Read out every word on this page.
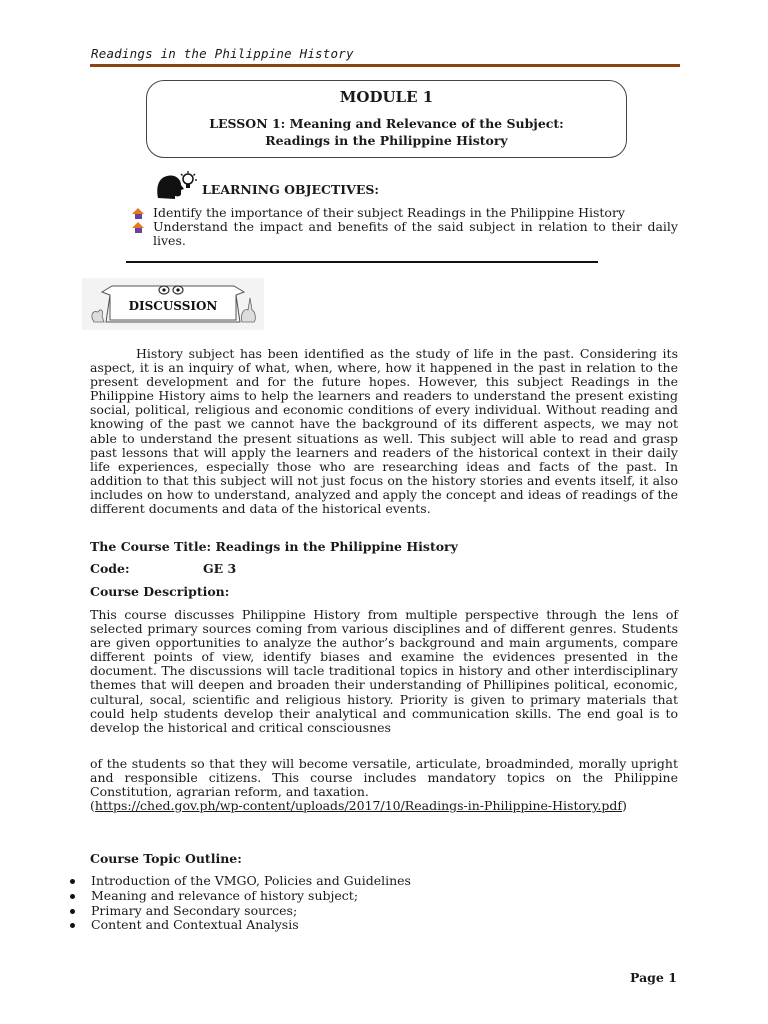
Readings in the Philippine History
MODULE 1
LESSON 1: Meaning and Relevance of the Subject:
Readings in the Philippine History
LEARNING OBJECTIVES:
Identify the importance of their subject Readings in the Philippine History
Understand the impact and benefits of the said subject in relation to their daily lives.
DISCUSSION

History subject has been identified as the study of life in the past. Considering its aspect, it is an inquiry of what, when, where, how it happened in the past in relation to the present development and for the future hopes. However, this subject Readings in the Philippine History aims to help the learners and readers to understand the present existing social, political, religious and economic conditions of every individual. Without reading and knowing of the past we cannot have the background of its different aspects, we may not able to understand the present situations as well. This subject will able to read and grasp past lessons that will apply the learners and readers of the historical context in their daily life experiences, especially those who are researching ideas and facts of the past. In addition to that this subject will not just focus on the history stories and events itself, it also includes on how to understand, analyzed and apply the concept and ideas of readings of the different documents and data of the historical events.

The Course Title: Readings in the Philippine History
Code:	GE 3
Course Description:

This course discusses Philippine History from multiple perspective through the lens of selected primary sources coming from various disciplines and of different genres. Students are given opportunities to analyze the author’s background and main arguments, compare different points of view, identify biases and examine the evidences presented in the document. The discussions will tacle traditional topics in history and other interdisciplinary themes that will deepen and broaden their understanding of Phillipines political, economic, cultural, socal, scientific and religious history. Priority is given to primary materials that could help students develop their analytical and communication skills. The end goal is to develop the historical and critical consciousnes

of the students so that they will become versatile, articulate, broadminded, morally upright and responsible citizens. This course includes mandatory topics on the Philippine Constitution, agrarian reform, and taxation.

(https://ched.gov.ph/wp-content/uploads/2017/10/Readings-in-Philippine-History.pdf)
Course Topic Outline:
Introduction of the VMGO, Policies and Guidelines
Meaning and relevance of history subject;
Primary and Secondary sources;
Content and Contextual Analysis
Page 1
